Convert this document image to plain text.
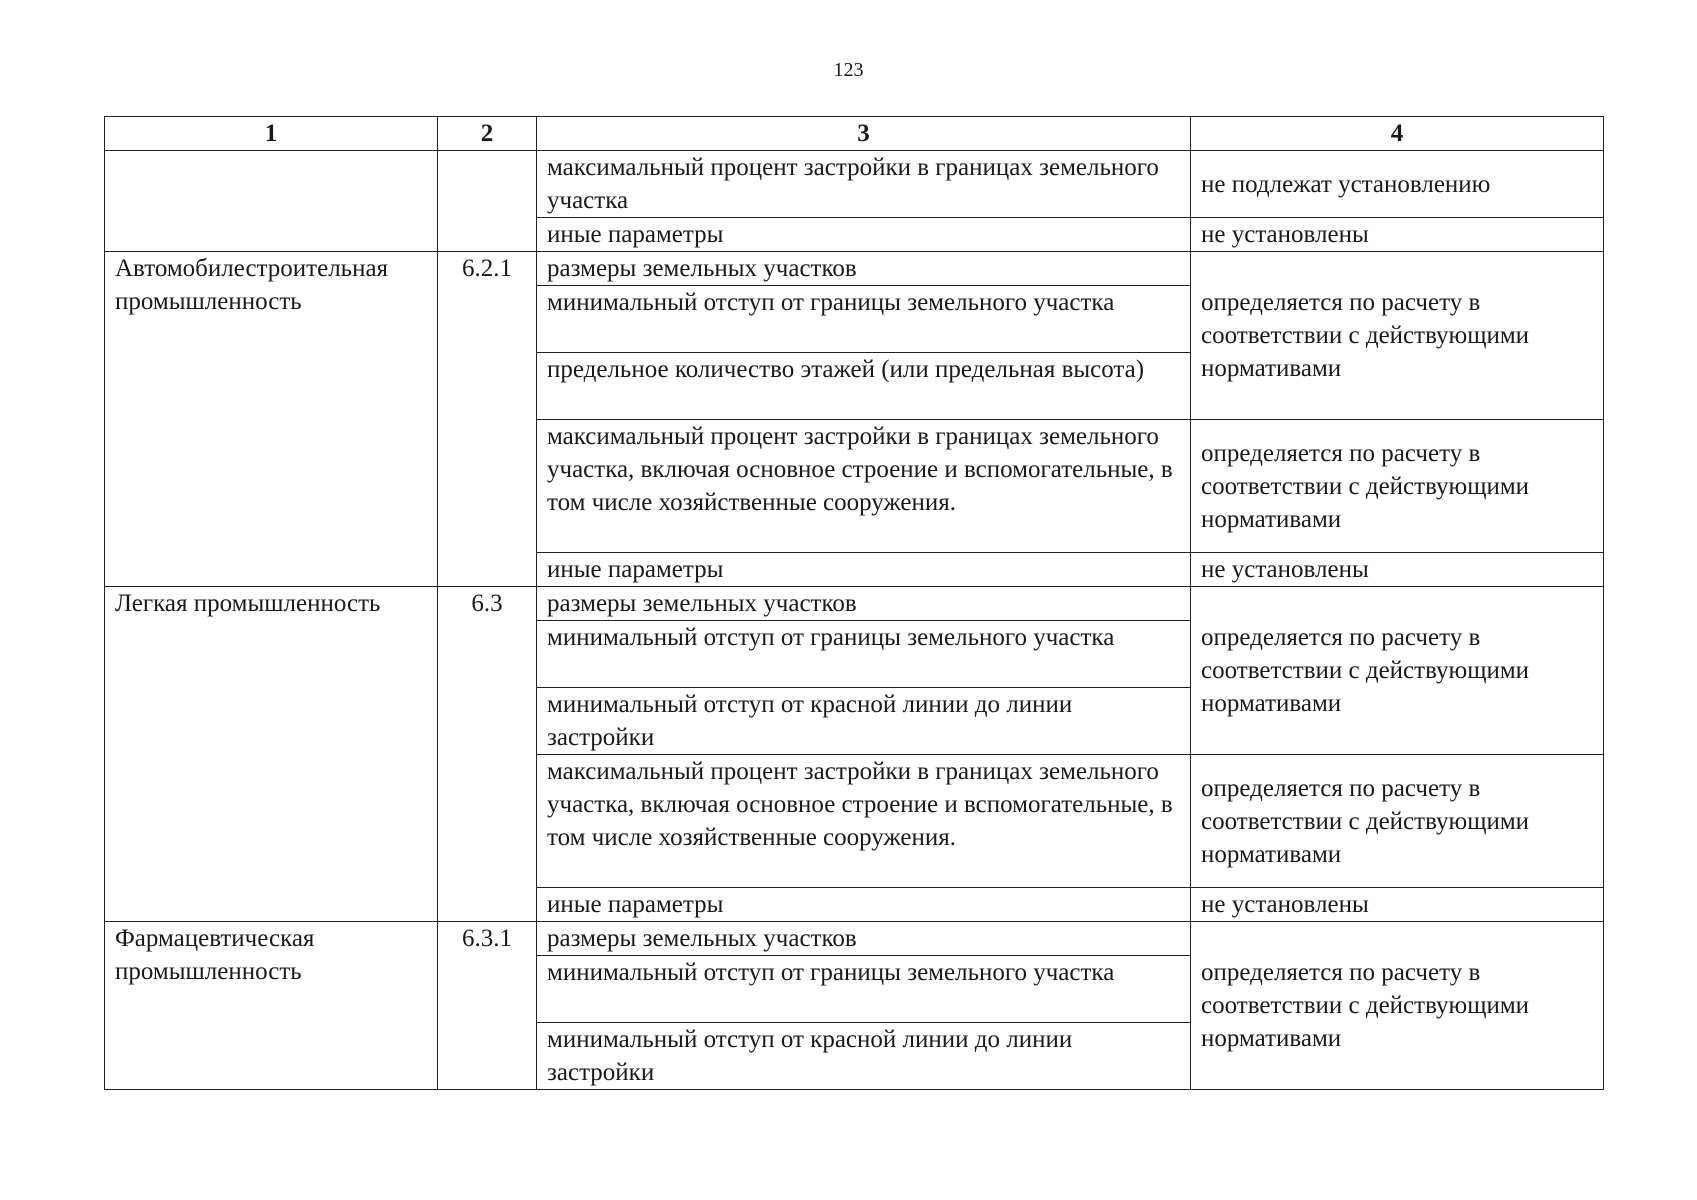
123
1	2	3	4
		максимальный процент застройки в границах земельного участка	не подлежат установлению
		иные параметры	не установлены
Автомобилестроительная промышленность	6.2.1	размеры земельных участков	определяется по расчету в соответствии с действующими нормативами
		минимальный отступ от границы земельного участка	
		предельное количество этажей (или предельная высота)	
		максимальный процент застройки в границах земельного участка, включая основное строение и вспомогательные, в том числе хозяйственные сооружения.	определяется по расчету в соответствии с действующими нормативами
		иные параметры	не установлены
Легкая промышленность	6.3	размеры земельных участков	определяется по расчету в соответствии с действующими нормативами
		минимальный отступ от границы земельного участка	
		минимальный отступ от красной линии до линии застройки	
		максимальный процент застройки в границах земельного участка, включая основное строение и вспомогательные, в том числе хозяйственные сооружения.	определяется по расчету в соответствии с действующими нормативами
		иные параметры	не установлены
Фармацевтическая промышленность	6.3.1	размеры земельных участков	определяется по расчету в соответствии с действующими нормативами
		минимальный отступ от границы земельного участка	
		минимальный отступ от красной линии до линии застройки	
